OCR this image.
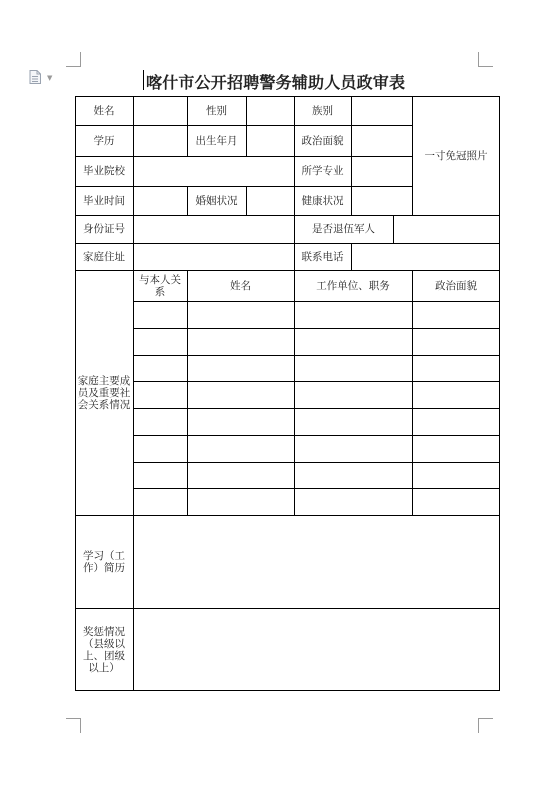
▼	喀什市公开招聘警务辅助人员政审表
姓名	性别	族别
一寸免冠照片
学历	出生年月	政治面貌
毕业院校	所学专业
毕业时间	婚姻状况	健康状况
身份证号	是否退伍军人
家庭住址	联系电话
家庭主要成员及重要社会关系情况
与本人关系	姓名	工作单位、职务	政治面貌
学习（工作）简历
奖惩情况（县级以上、团级以上）
